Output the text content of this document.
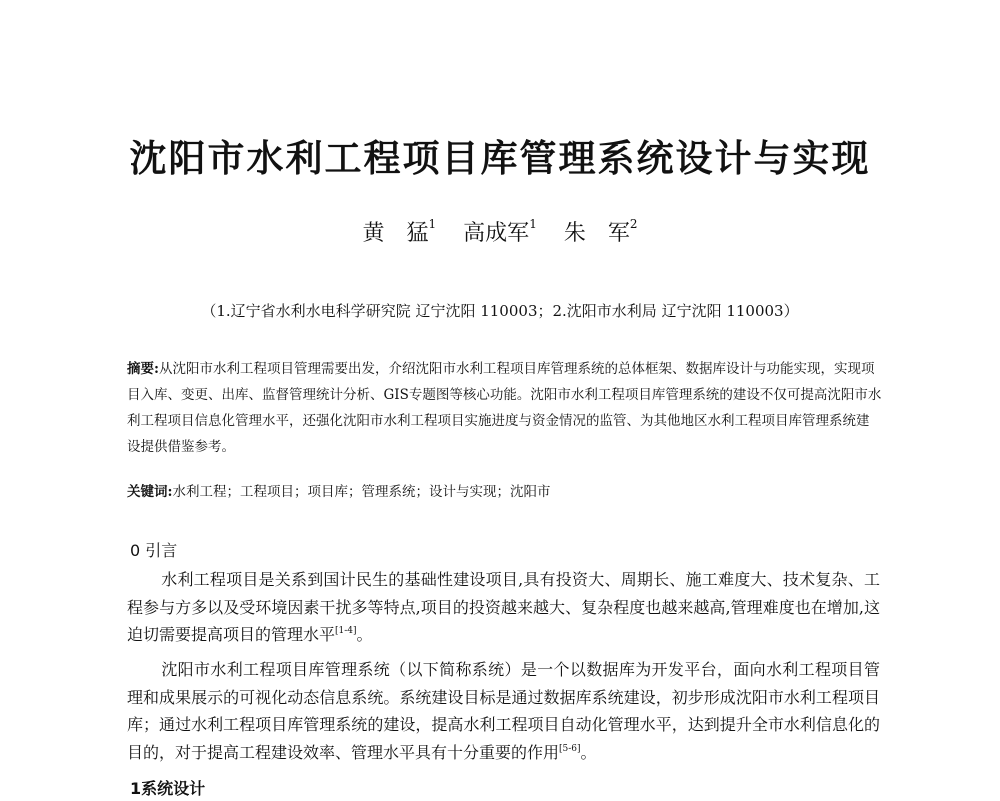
沈阳市水利工程项目库管理系统设计与实现
黄　猛$^1$ 高成军$^1$ 朱　军$^2$
（1.辽宁省水利水电科学研究院 辽宁沈阳 110003；2.沈阳市水利局 辽宁沈阳 110003）
摘要:从沈阳市水利工程项目管理需要出发，介绍沈阳市水利工程项目库管理系统的总体框架、数据库设计与功能实现，实现项目入库、变更、出库、监督管理统计分析、GIS专题图等核心功能。沈阳市水利工程项目库管理系统的建设不仅可提高沈阳市水利工程项目信息化管理水平，还强化沈阳市水利工程项目实施进度与资金情况的监管、为其他地区水利工程项目库管理系统建设提供借鉴参考。
关键词:水利工程；工程项目；项目库；管理系统；设计与实现；沈阳市
0 引言
水利工程项目是关系到国计民生的基础性建设项目,具有投资大、周期长、施工难度大、技术复杂、工程参与方多以及受环境因素干扰多等特点,项目的投资越来越大、复杂程度也越来越高,管理难度也在增加,这迫切需要提高项目的管理水平[1-4]。
沈阳市水利工程项目库管理系统（以下简称系统）是一个以数据库为开发平台，面向水利工程项目管理和成果展示的可视化动态信息系统。系统建设目标是通过数据库系统建设，初步形成沈阳市水利工程项目库；通过水利工程项目库管理系统的建设，提高水利工程项目自动化管理水平，达到提升全市水利信息化的目的，对于提高工程建设效率、管理水平具有十分重要的作用[5-6]。
1系统设计
